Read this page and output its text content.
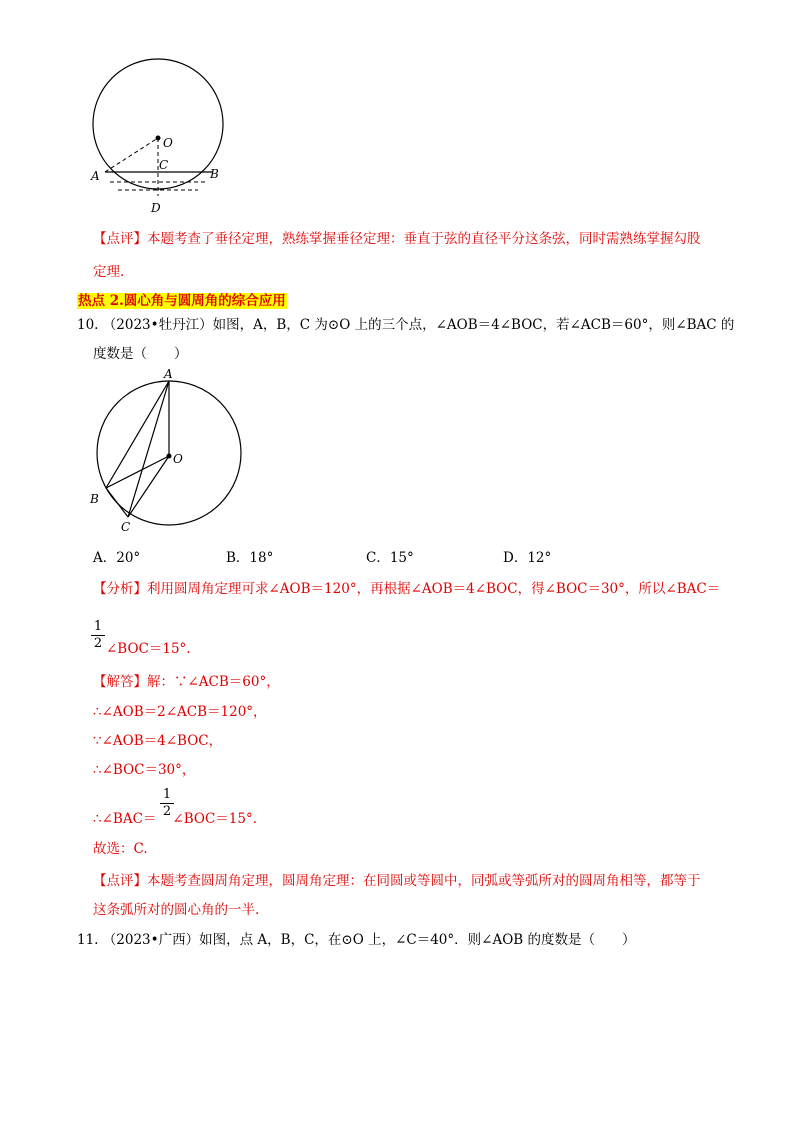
O
C
A	B
D
【点评】本题考查了垂径定理，熟练掌握垂径定理：垂直于弦的直径平分这条弦，同时需熟练掌握勾股
定理.
热点 2.圆心角与圆周角的综合应用
10. （2023•牡丹江）如图，A，B，C 为⊙O 上的三个点，∠AOB＝4∠BOC，若∠ACB＝60°，则∠BAC 的
度数是（　　）
A
O
B
C
A．20°	B．18°	C．15°	D．12°
【分析】利用圆周角定理可求∠AOB＝120°，再根据∠AOB＝4∠BOC，得∠BOC＝30°，所以∠BAC＝
1
2 ∠BOC＝15°.
【解答】解：∵∠ACB＝60°，
∴∠AOB＝2∠ACB＝120°，
∵∠AOB＝4∠BOC，
∴∠BOC＝30°，
1
2
∴∠BAC＝ ∠BOC＝15°.
故选：C.
【点评】本题考查圆周角定理，圆周角定理：在同圆或等圆中，同弧或等弧所对的圆周角相等，都等于
这条弧所对的圆心角的一半.
11. （2023•广西）如图，点 A，B，C，在⊙O 上，∠C＝40°．则∠AOB 的度数是（　　）
